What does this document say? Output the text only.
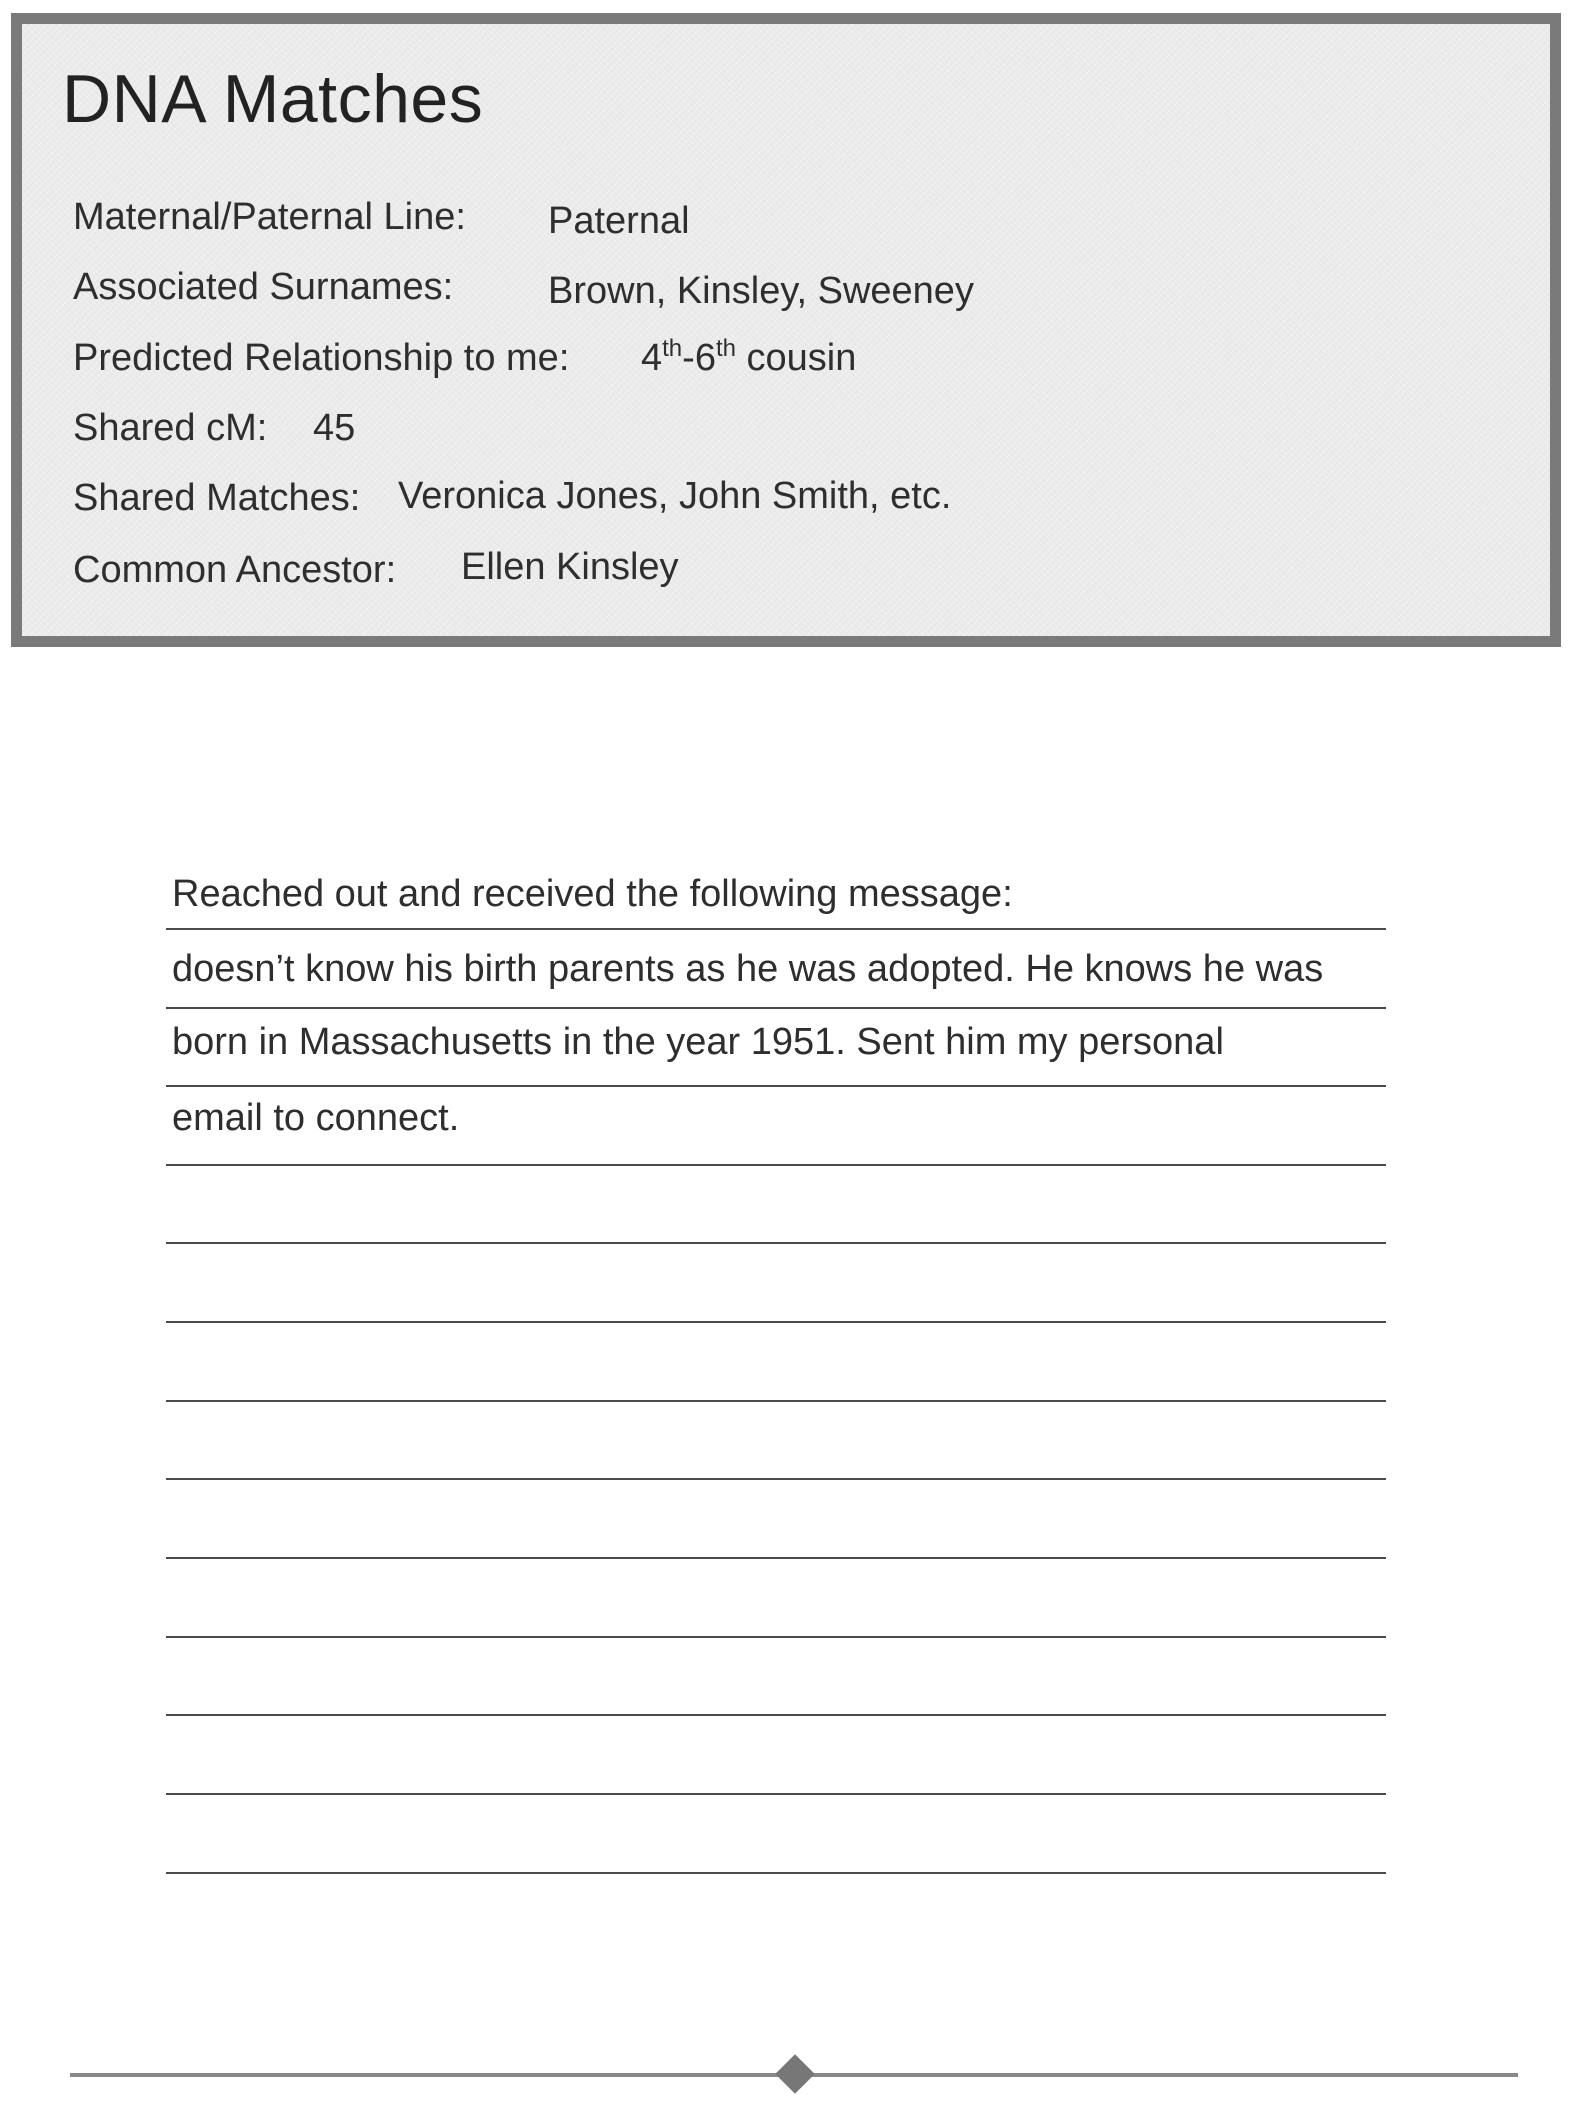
DNA Matches
Maternal/Paternal Line: Paternal
Associated Surnames: Brown, Kinsley, Sweeney
Predicted Relationship to me: 4th-6th cousin
Shared cM: 45
Shared Matches: Veronica Jones, John Smith, etc.
Common Ancestor: Ellen Kinsley
Reached out and received the following message:
doesn’t know his birth parents as he was adopted. He knows he was
born in Massachusetts in the year 1951. Sent him my personal
email to connect.
